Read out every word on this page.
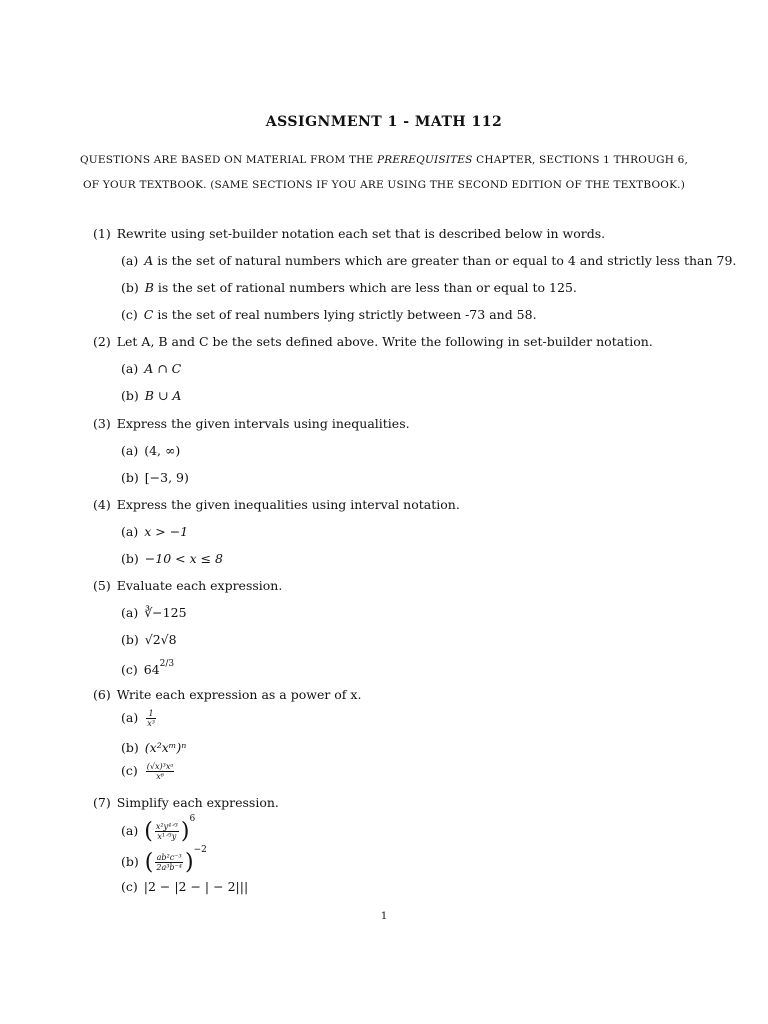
ASSIGNMENT 1 - MATH 112
QUESTIONS ARE BASED ON MATERIAL FROM THE PREREQUISITES CHAPTER, SECTIONS 1 THROUGH 6,
OF YOUR TEXTBOOK. (SAME SECTIONS IF YOU ARE USING THE SECOND EDITION OF THE TEXTBOOK.)
(1) Rewrite using set-builder notation each set that is described below in words.
(a) A is the set of natural numbers which are greater than or equal to 4 and strictly less than 79.
(b) B is the set of rational numbers which are less than or equal to 125.
(c) C is the set of real numbers lying strictly between -73 and 58.
(2) Let A, B and C be the sets defined above. Write the following in set-builder notation.
(a) A ∩ C
(b) B ∪ A
(3) Express the given intervals using inequalities.
(a) (4, ∞)
(b) [−3, 9)
(4) Express the given inequalities using interval notation.
(a) x > −1
(b) −10 < x ≤ 8
(5) Evaluate each expression.
(a) ∛−125
(b) √2√8
(c) $64^{2/3}$
(6) Write each expression as a power of x.
$(a) \frac{1}{\text{x³}}$
(b) (x²xᵐ)ⁿ
$(c) \frac{\text{(√x)³xᵃ}}{\text{x⁶}}$
(7) Simplify each expression.
(a) ( $\frac{\text{x²y⁴ᐟ³}}{\text{x¹ᐟ³y}} )^6$
(b) ( $\frac{\text{ab²c⁻³}}{\text{2a³b⁻⁴}} )^{-2}$
(c) |2 − |2 − | − 2|||
1
